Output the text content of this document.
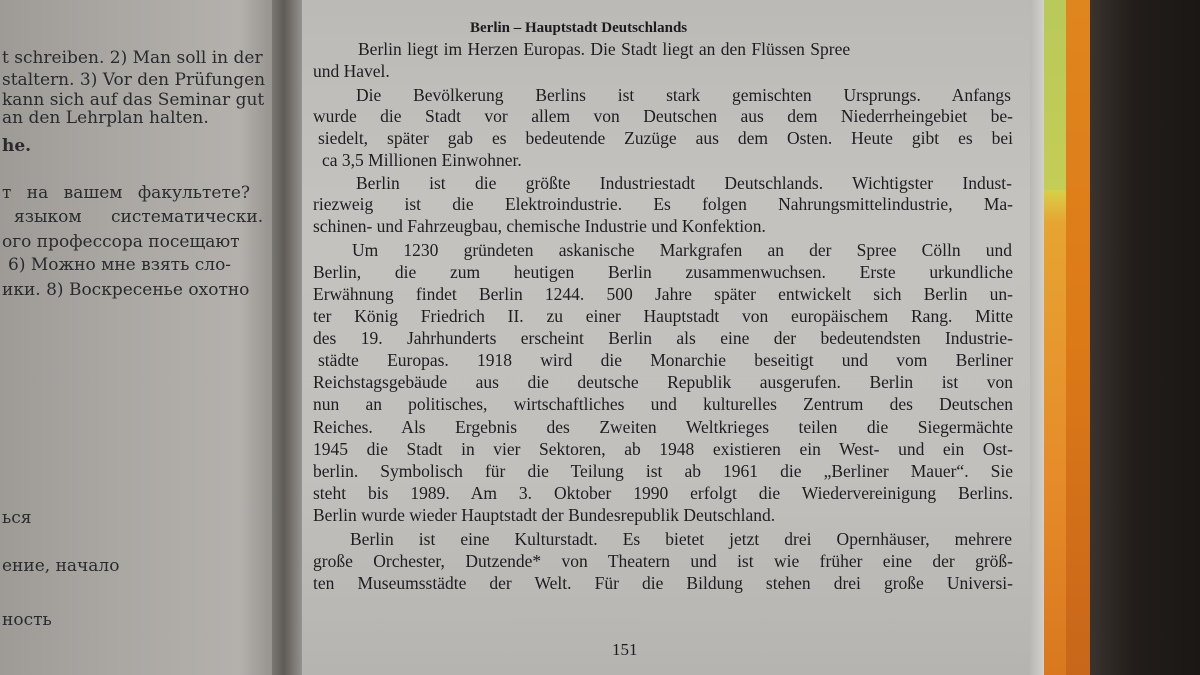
t schreiben. 2) Man soll in der
staltern. 3) Vor den Prüfungen
kann sich auf das Seminar gut
an den Lehrplan halten.
he.
т на вашем факультете?
языком систематически.
ого профессора посещают
6) Можно мне взять сло-
ики. 8) Воскресенье охотно
ься
ение, начало
ность
Berlin – Hauptstadt Deutschlands
Berlin liegt im Herzen Europas. Die Stadt liegt an den Flüssen Spree
und Havel.
Die Bevölkerung Berlins ist stark gemischten Ursprungs. Anfangs
wurde die Stadt vor allem von Deutschen aus dem Niederrheingebiet be-
siedelt, später gab es bedeutende Zuzüge aus dem Osten. Heute gibt es bei
ca 3,5 Millionen Einwohner.
Berlin ist die größte Industriestadt Deutschlands. Wichtigster Indust-
riezweig ist die Elektroindustrie. Es folgen Nahrungsmittelindustrie, Ma-
schinen- und Fahrzeugbau, chemische Industrie und Konfektion.
Um 1230 gründeten askanische Markgrafen an der Spree Cölln und
Berlin, die zum heutigen Berlin zusammenwuchsen. Erste urkundliche
Erwähnung findet Berlin 1244. 500 Jahre später entwickelt sich Berlin un-
ter König Friedrich II. zu einer Hauptstadt von europäischem Rang. Mitte
des 19. Jahrhunderts erscheint Berlin als eine der bedeutendsten Industrie-
städte Europas. 1918 wird die Monarchie beseitigt und vom Berliner
Reichstagsgebäude aus die deutsche Republik ausgerufen. Berlin ist von
nun an politisches, wirtschaftliches und kulturelles Zentrum des Deutschen
Reiches. Als Ergebnis des Zweiten Weltkrieges teilen die Siegermächte
1945 die Stadt in vier Sektoren, ab 1948 existieren ein West- und ein Ost-
berlin. Symbolisch für die Teilung ist ab 1961 die „Berliner Mauer“. Sie
steht bis 1989. Am 3. Oktober 1990 erfolgt die Wiedervereinigung Berlins.
Berlin wurde wieder Hauptstadt der Bundesrepublik Deutschland.
Berlin ist eine Kulturstadt. Es bietet jetzt drei Opernhäuser, mehrere
große Orchester, Dutzende* von Theatern und ist wie früher eine der größ-
ten Museumsstädte der Welt. Für die Bildung stehen drei große Universi-
151
